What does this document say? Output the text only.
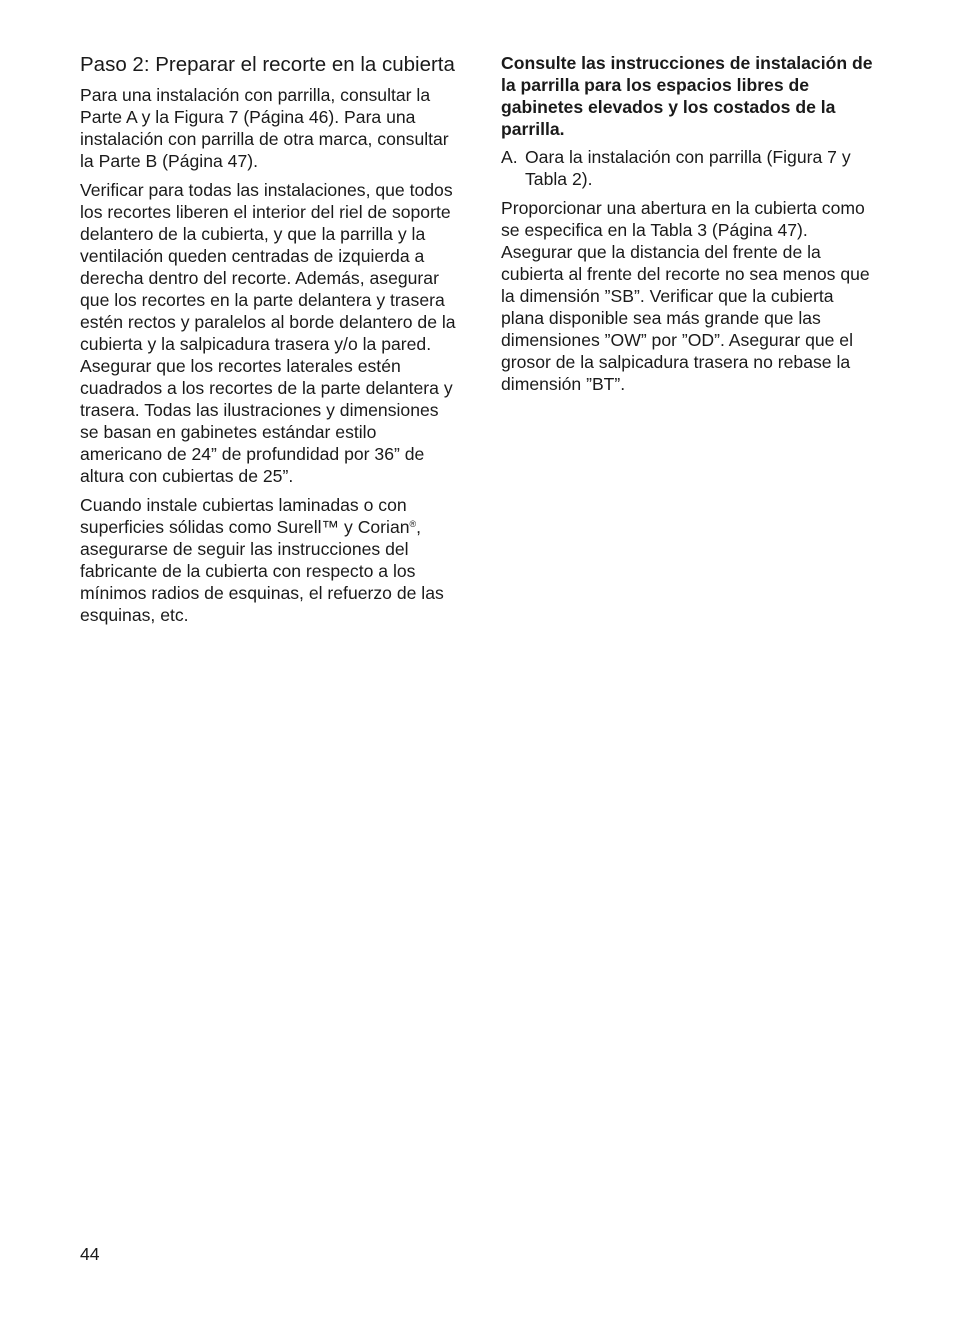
Paso 2: Preparar el recorte en la cubierta

Para una instalación con parrilla, consultar la Parte A y la Figura 7 (Página 46). Para una instalación con parrilla de otra marca, consultar la Parte B (Página 47).

Verificar para todas las instalaciones, que todos los recortes liberen el interior del riel de soporte delantero de la cubierta, y que la parrilla y la ventilación queden centradas de izquierda a derecha dentro del recorte. Además, asegurar que los recortes en la parte delantera y trasera estén rectos y paralelos al borde delantero de la cubierta y la salpicadura trasera y/o la pared. Asegurar que los recortes laterales estén cuadrados a los recortes de la parte delantera y trasera. Todas las ilustraciones y dimensiones se basan en gabinetes estándar estilo americano de 24” de profundidad por 36” de altura con cubiertas de 25”.

Cuando instale cubiertas laminadas o con superficies sólidas como Surell™ y Corian®, asegurarse de seguir las instrucciones del fabricante de la cubierta con respecto a los mínimos radios de esquinas, el refuerzo de las esquinas, etc.

Consulte las instrucciones de instalación de la parrilla para los espacios libres de gabinetes elevados y los costados de la parrilla.

A. Oara la instalación con parrilla (Figura 7 y Tabla 2).

Proporcionar una abertura en la cubierta como se especifica en la Tabla 3 (Página 47). Asegurar que la distancia del frente de la cubierta al frente del recorte no sea menos que la dimensión ”SB”. Verificar que la cubierta plana disponible sea más grande que las dimensiones ”OW” por ”OD”. Asegurar que el grosor de la salpicadura trasera no rebase la dimensión ”BT”.

44
